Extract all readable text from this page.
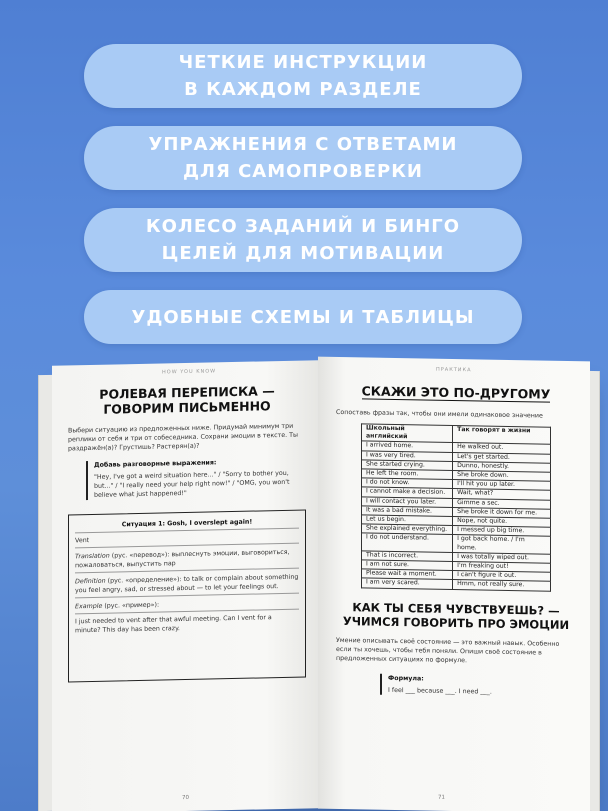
ЧЕТКИЕ ИНСТРУКЦИИ
В КАЖДОМ РАЗДЕЛЕ
УПРАЖНЕНИЯ С ОТВЕТАМИ
ДЛЯ САМОПРОВЕРКИ
КОЛЕСО ЗАДАНИЙ И БИНГО
ЦЕЛЕЙ ДЛЯ МОТИВАЦИИ
УДОБНЫЕ СХЕМЫ И ТАБЛИЦЫ
HOW YOU KNOW
РОЛЕВАЯ ПЕРЕПИСКА —
ГОВОРИМ ПИСЬМЕННО
Выбери ситуацию из предложенных ниже. Придумай минимум три реплики от себя и три от собеседника. Сохрани эмоции в тексте. Ты раздражён(а)? Грустишь? Растерян(а)?
Добавь разговорные выражения:
"Hey, I've got a weird situation here..." / "Sorry to bother you, but..." / "I really need your help right now!" / "OMG, you won't believe what just happened!"
Ситуация 1: Gosh, I overslept again!
Vent
Translation (рус. «перевод»): выплеснуть эмоции, выговориться, пожаловаться, выпустить пар
Definition (рус. «определение»): to talk or complain about something you feel angry, sad, or stressed about — to let your feelings out.
Example (рус. «пример»):
I just needed to vent after that awful meeting. Can I vent for a minute? This day has been crazy.
70
ПРАКТИКА
СКАЖИ ЭТО ПО-ДРУГОМУ
Сопоставь фразы так, чтобы они имели одинаковое значение
Школьный английский	Так говорят в жизни
I arrived home.	He walked out.
I was very tired.	Let's get started.
She started crying.	Dunno, honestly.
He left the room.	She broke down.
I do not know.	I'll hit you up later.
I cannot make a decision.	Wait, what?
I will contact you later.	Gimme a sec.
It was a bad mistake.	She broke it down for me.
Let us begin.	Nope, not quite.
She explained everything.	I messed up big time.
I do not understand.	I got back home. / I'm home.
That is incorrect.	I was totally wiped out.
I am not sure.	I'm freaking out!
Please wait a moment.	I can't figure it out.
I am very scared.	Hmm, not really sure.
КАК ТЫ СЕБЯ ЧУВСТВУЕШЬ? —
УЧИМСЯ ГОВОРИТЬ ПРО ЭМОЦИИ
Умение описывать своё состояние — это важный навык. Особенно если ты хочешь, чтобы тебя поняли. Опиши своё состояние в предложенных ситуациях по формуле.
Формула:
I feel ___ because ___. I need ___.
71
